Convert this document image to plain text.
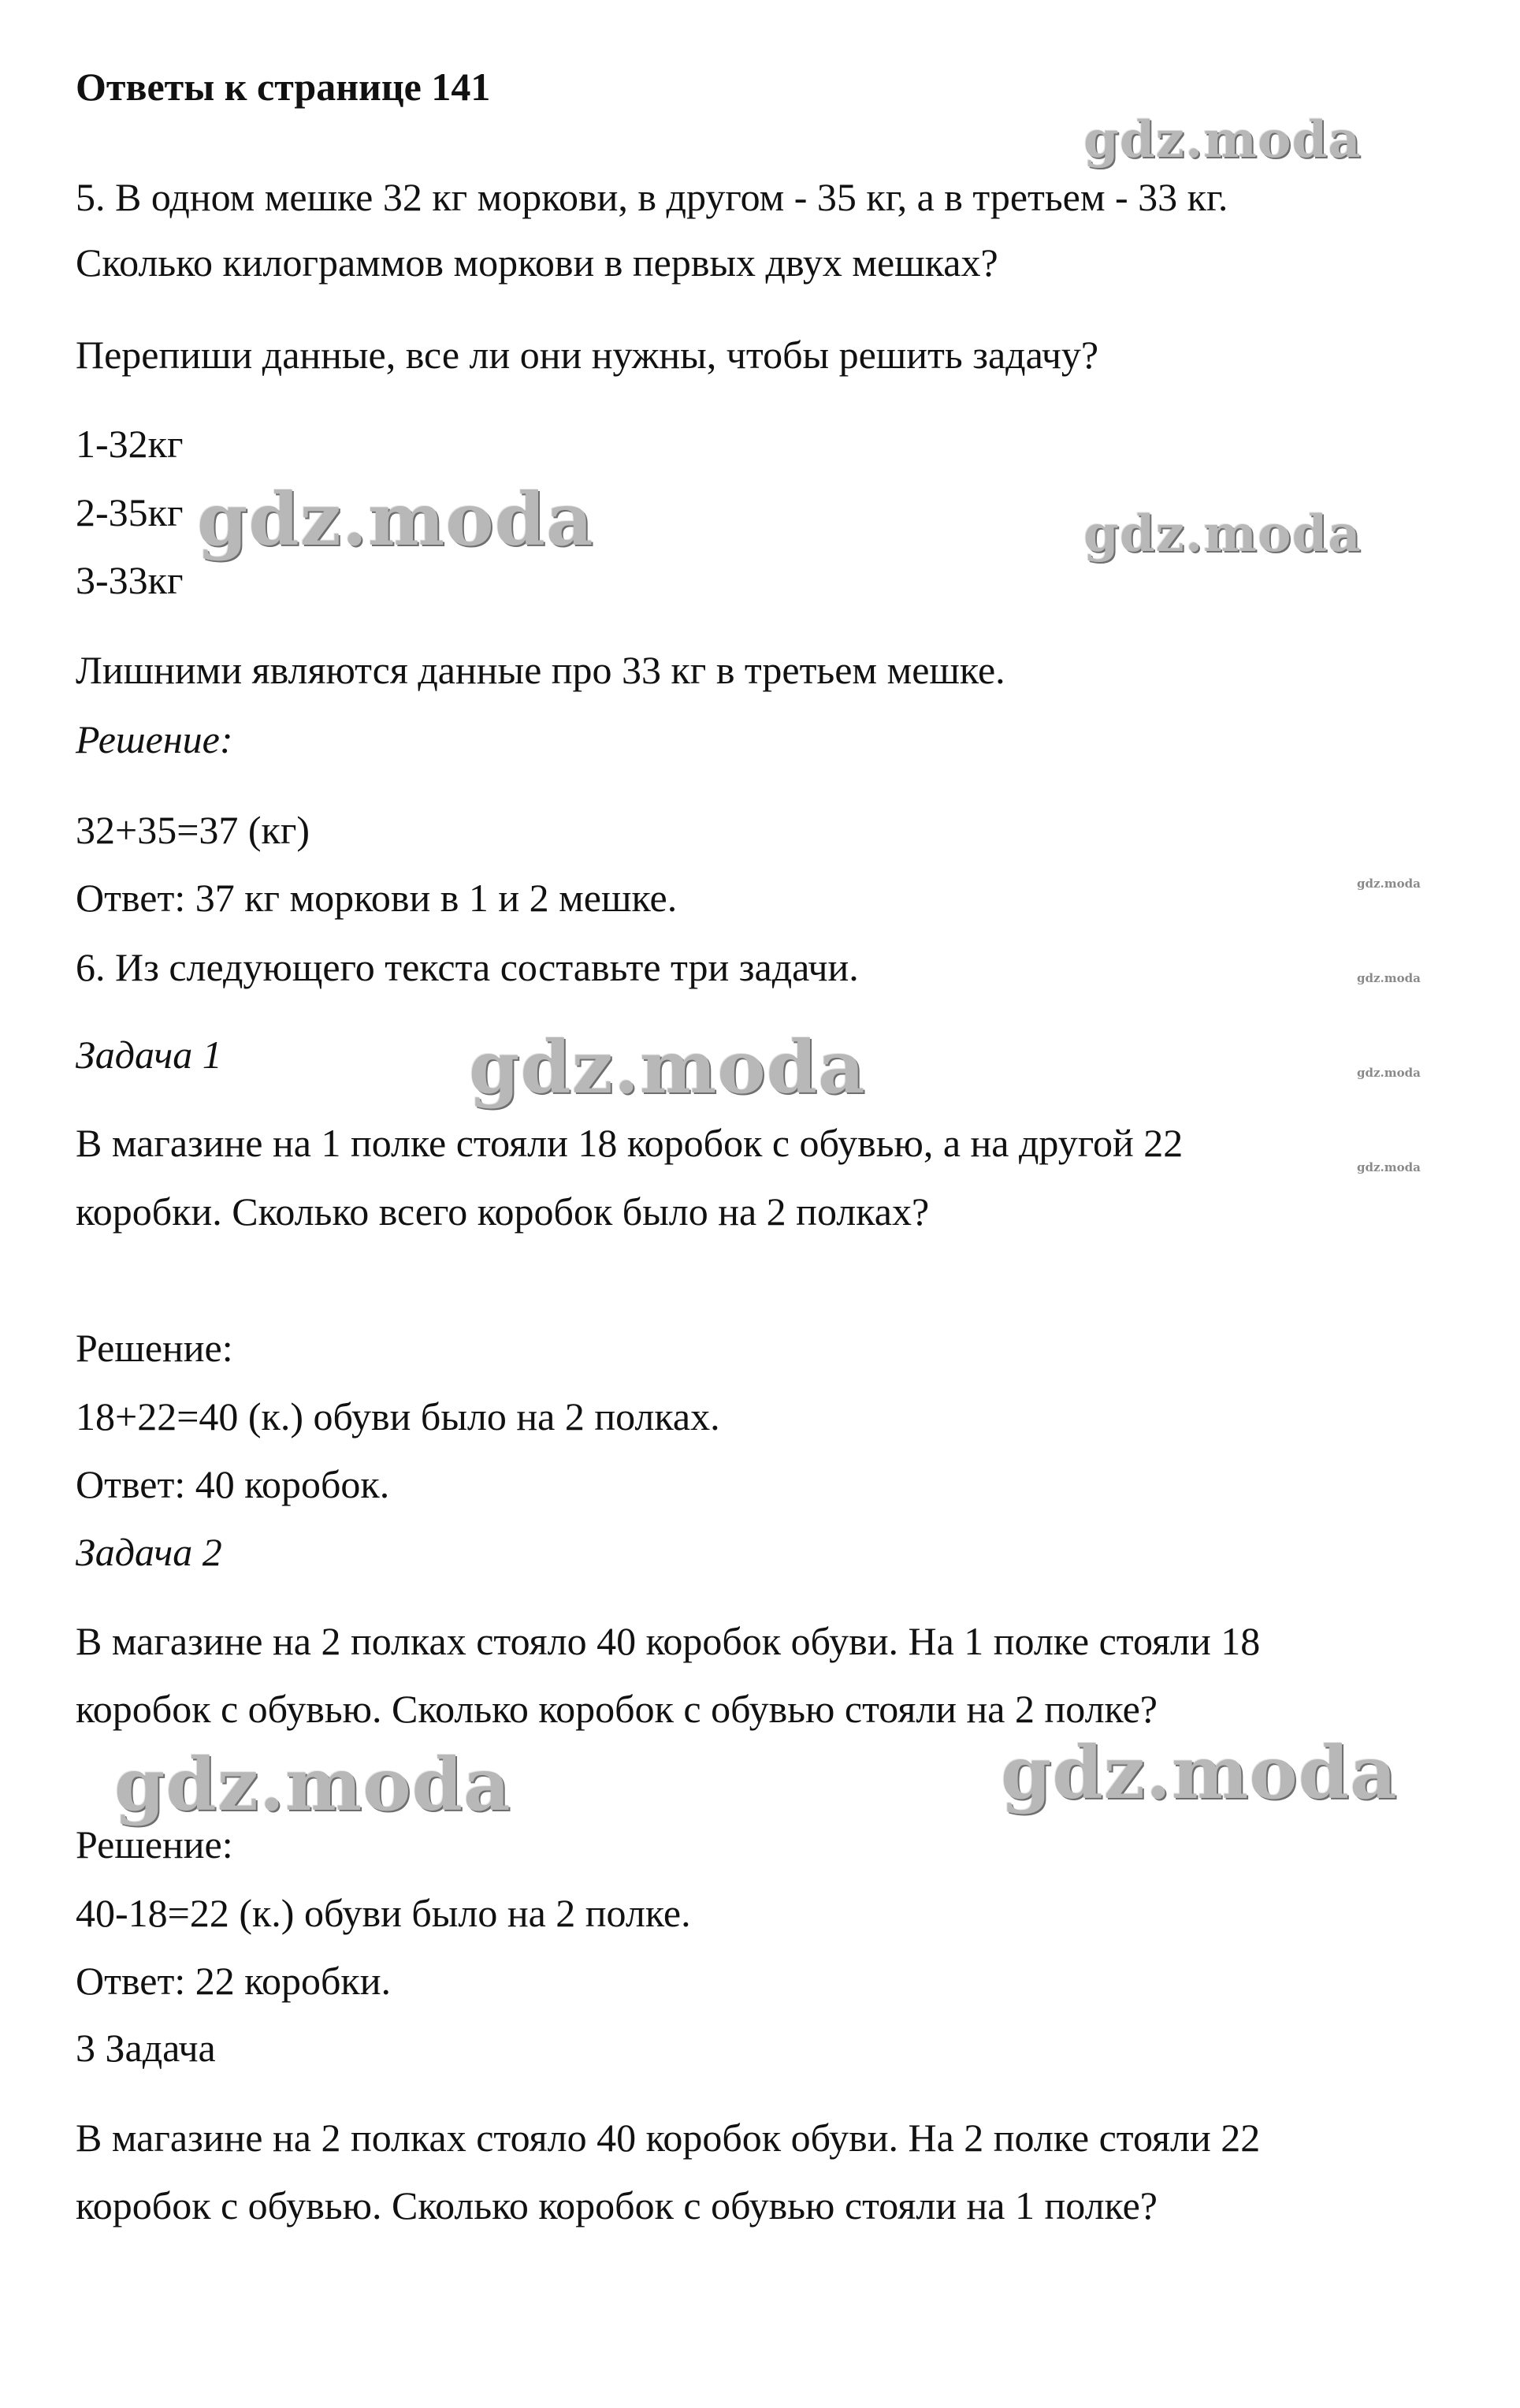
Ответы к странице 141
5. В одном мешке 32 кг моркови, в другом - 35 кг, а в третьем - 33 кг.
Сколько килограммов моркови в первых двух мешках?
Перепиши данные, все ли они нужны, чтобы решить задачу?
1-32кг
2-35кг
3-33кг
Лишними являются данные про 33 кг в третьем мешке.
Решение:
32+35=37 (кг)
Ответ: 37 кг моркови в 1 и 2 мешке.
6. Из следующего текста составьте три задачи.
Задача 1
В магазине на 1 полке стояли 18 коробок с обувью, а на другой 22
коробки. Сколько всего коробок было на 2 полках?
Решение:
18+22=40 (к.) обуви было на 2 полках.
Ответ: 40 коробок.
Задача 2
В магазине на 2 полках стояло 40 коробок обуви. На 1 полке стояли 18
коробок с обувью. Сколько коробок с обувью стояли на 2 полке?
Решение:
40-18=22 (к.) обуви было на 2 полке.
Ответ: 22 коробки.
3 Задача
В магазине на 2 полках стояло 40 коробок обуви. На 2 полке стояли 22
коробок с обувью. Сколько коробок с обувью стояли на 1 полке?
gdz.moda
gdz.moda	gdz.moda
gdz.moda
gdz.moda	gdz.moda
gdz.moda
gdz.moda
gdz.moda
gdz.moda
